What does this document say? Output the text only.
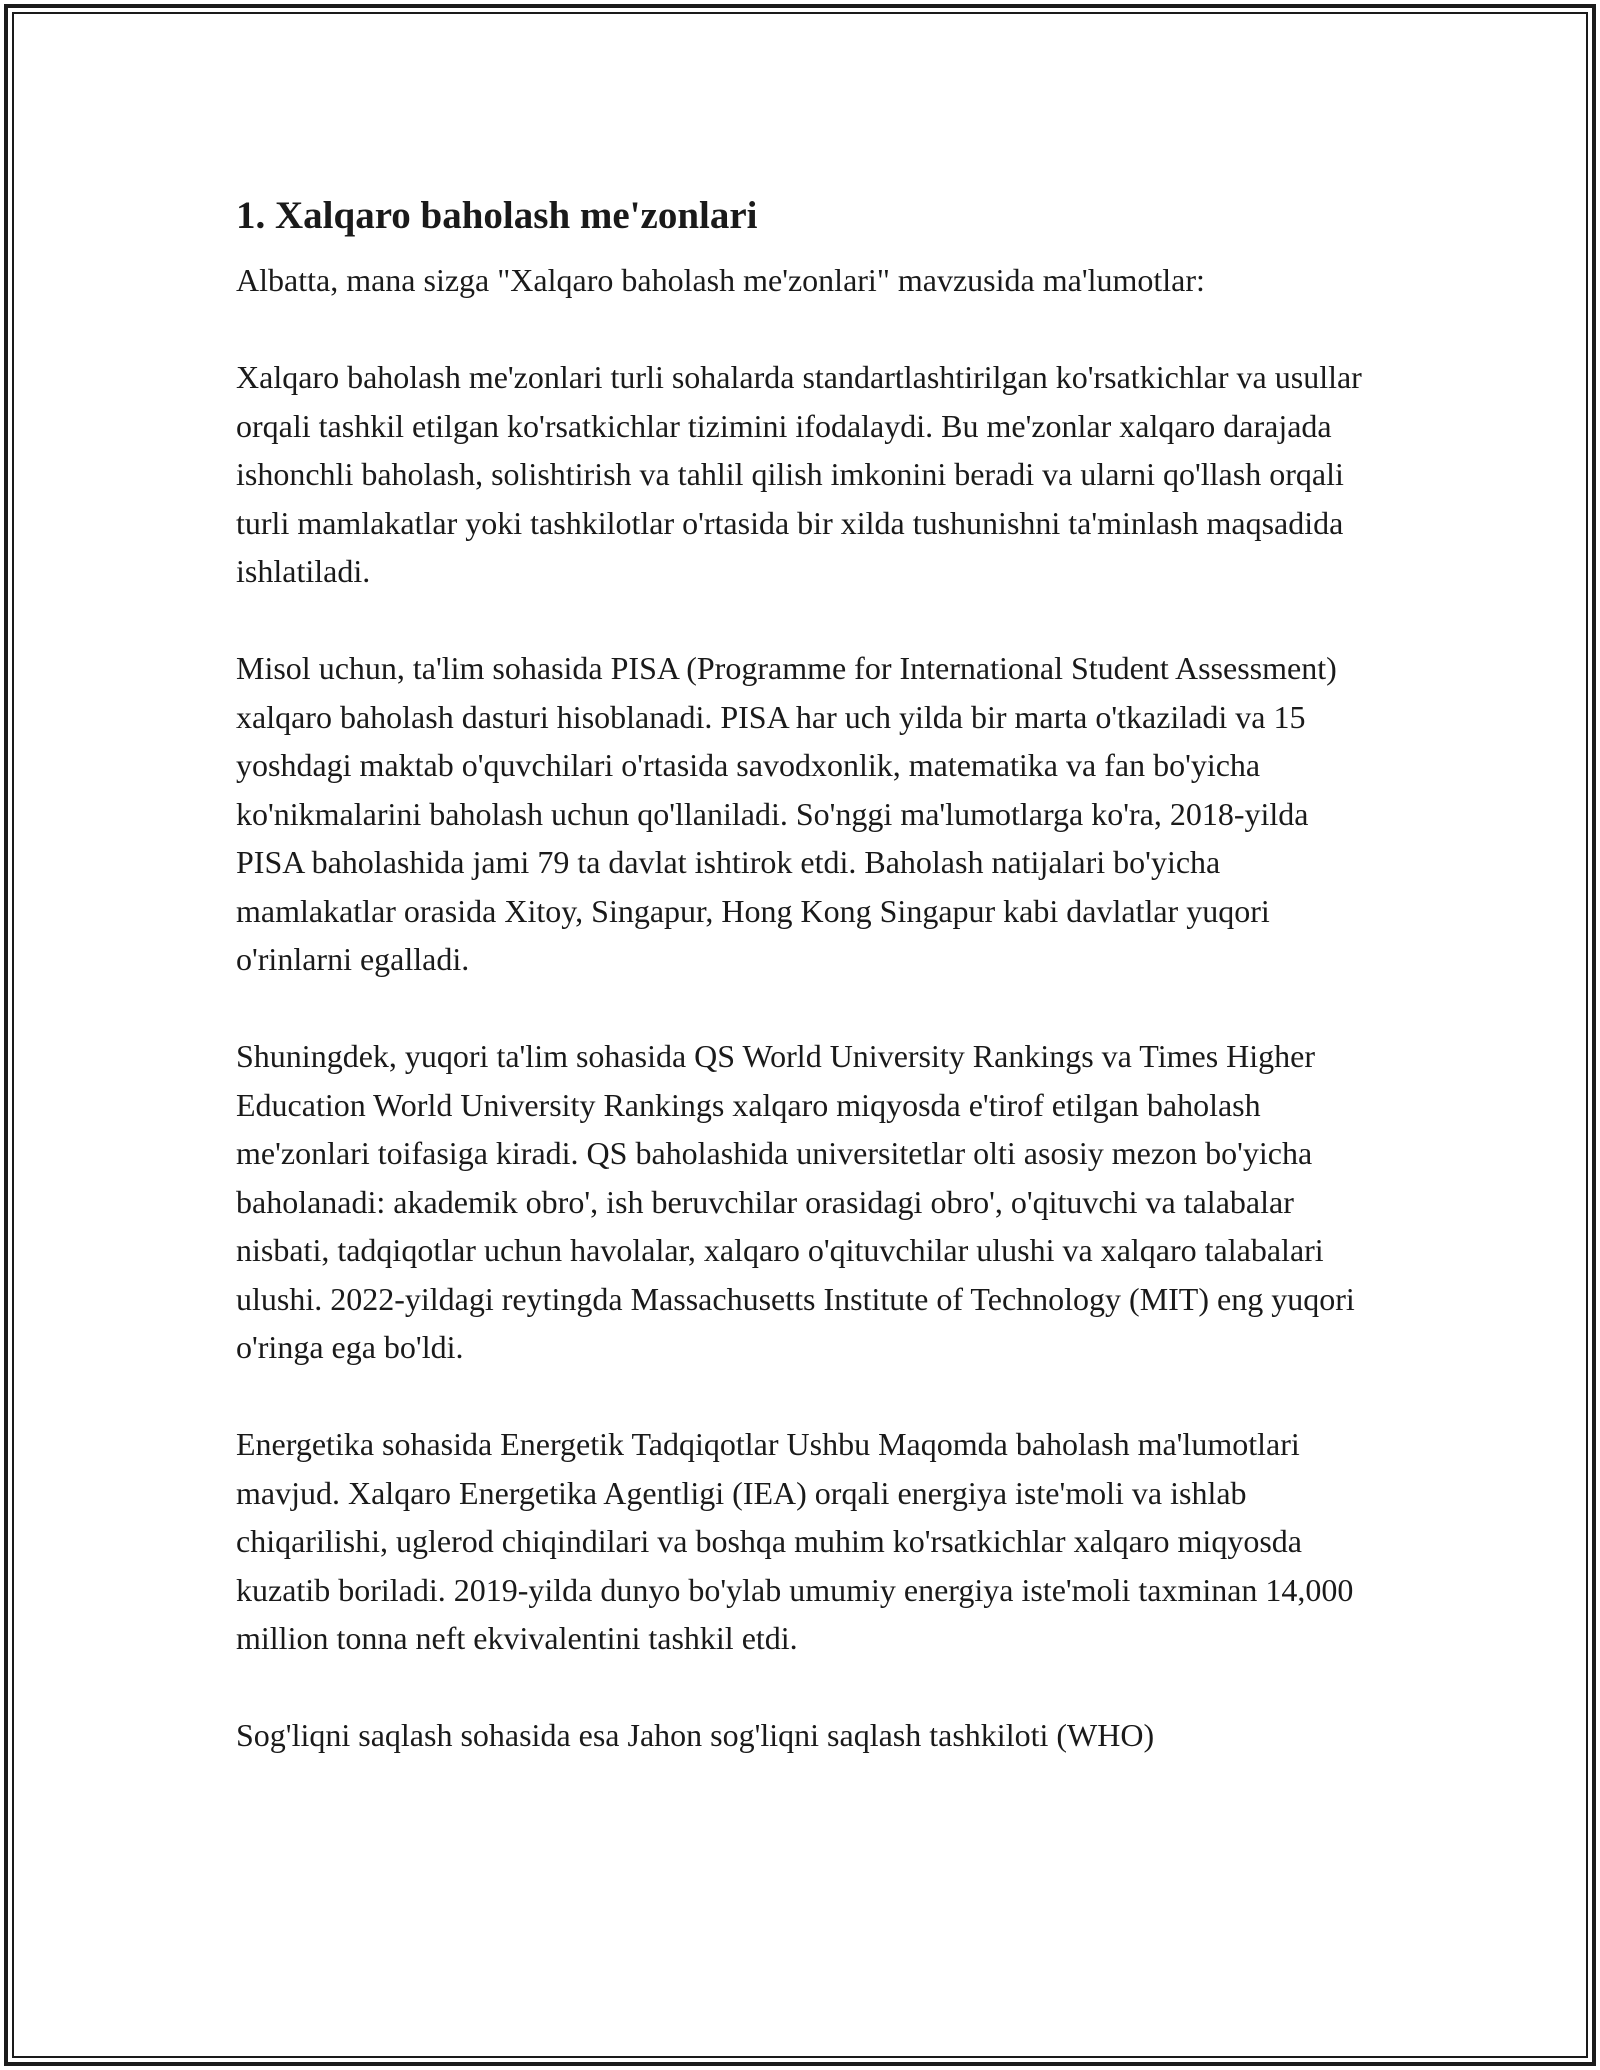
1. Xalqaro baholash me'zonlari

Albatta, mana sizga "Xalqaro baholash me'zonlari" mavzusida ma'lumotlar:

Xalqaro baholash me'zonlari turli sohalarda standartlashtirilgan ko'rsatkichlar va usullar orqali tashkil etilgan ko'rsatkichlar tizimini ifodalaydi. Bu me'zonlar xalqaro darajada ishonchli baholash, solishtirish va tahlil qilish imkonini beradi va ularni qo'llash orqali turli mamlakatlar yoki tashkilotlar o'rtasida bir xilda tushunishni ta'minlash maqsadida ishlatiladi.

Misol uchun, ta'lim sohasida PISA (Programme for International Student Assessment) xalqaro baholash dasturi hisoblanadi. PISA har uch yilda bir marta o'tkaziladi va 15 yoshdagi maktab o'quvchilari o'rtasida savodxonlik, matematika va fan bo'yicha ko'nikmalarini baholash uchun qo'llaniladi. So'nggi ma'lumotlarga ko'ra, 2018-yilda PISA baholashida jami 79 ta davlat ishtirok etdi. Baholash natijalari bo'yicha mamlakatlar orasida Xitoy, Singapur, Hong Kong Singapur kabi davlatlar yuqori o'rinlarni egalladi.

Shuningdek, yuqori ta'lim sohasida QS World University Rankings va Times Higher Education World University Rankings xalqaro miqyosda e'tirof etilgan baholash me'zonlari toifasiga kiradi. QS baholashida universitetlar olti asosiy mezon bo'yicha baholanadi: akademik obro', ish beruvchilar orasidagi obro', o'qituvchi va talabalar nisbati, tadqiqotlar uchun havolalar, xalqaro o'qituvchilar ulushi va xalqaro talabalari ulushi. 2022-yildagi reytingda Massachusetts Institute of Technology (MIT) eng yuqori o'ringa ega bo'ldi.

Energetika sohasida Energetik Tadqiqotlar Ushbu Maqomda baholash ma'lumotlari mavjud. Xalqaro Energetika Agentligi (IEA) orqali energiya iste'moli va ishlab chiqarilishi, uglerod chiqindilari va boshqa muhim ko'rsatkichlar xalqaro miqyosda kuzatib boriladi. 2019-yilda dunyo bo'ylab umumiy energiya iste'moli taxminan 14,000 million tonna neft ekvivalentini tashkil etdi.

Sog'liqni saqlash sohasida esa Jahon sog'liqni saqlash tashkiloti (WHO)
